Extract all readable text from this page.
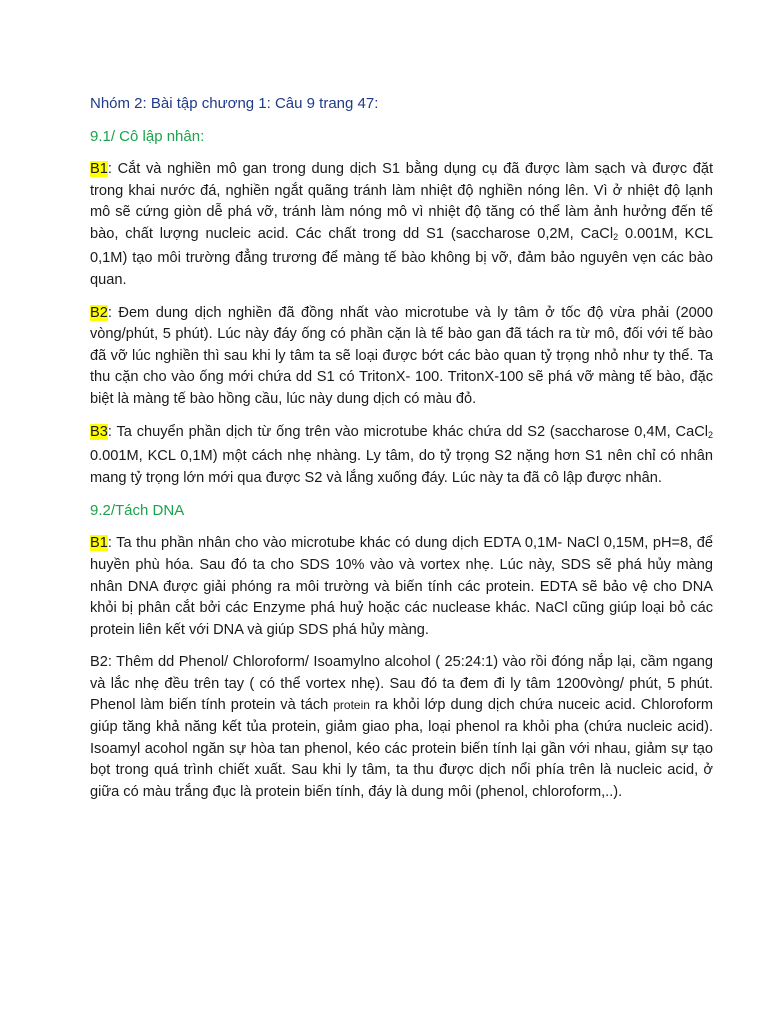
Nhóm 2: Bài tập chương 1: Câu 9 trang 47:
9.1/ Cô lập nhân:

B1: Cắt và nghiền mô gan trong dung dịch S1 bằng dụng cụ đã được làm sạch và được đặt trong khai nước đá, nghiền ngắt quãng tránh làm nhiệt độ nghiền nóng lên. Vì ở nhiệt độ lạnh mô sẽ cứng giòn dễ phá vỡ, tránh làm nóng mô vì nhiệt độ tăng có thể làm ảnh hưởng đến tế bào, chất lượng nucleic acid. Các chất trong dd S1 (saccharose 0,2M, CaCl$_2$ 0.001M, KCL 0,1M) tạo môi trường đẳng trương để màng tế bào không bị vỡ, đảm bảo nguyên vẹn các bào quan.

B2: Đem dung dịch nghiền đã đồng nhất vào microtube và ly tâm ở tốc độ vừa phải (2000 vòng/phút, 5 phút). Lúc này đáy ống có phần cặn là tế bào gan đã tách ra từ mô, đối với tế bào đã vỡ lúc nghiền thì sau khi ly tâm ta sẽ loại được bớt các bào quan tỷ trọng nhỏ như ty thể. Ta thu cặn cho vào ống mới chứa dd S1 có TritonX- 100. TritonX-100 sẽ phá vỡ màng tế bào, đặc biệt là màng tế bào hồng cầu, lúc này dung dịch có màu đỏ.

B3: Ta chuyển phần dịch từ ống trên vào microtube khác chứa dd S2 (saccharose 0,4M, CaCl$_2$ 0.001M, KCL 0,1M) một cách nhẹ nhàng. Ly tâm, do tỷ trọng S2 nặng hơn S1 nên chỉ có nhân mang tỷ trọng lớn mới qua được S2 và lắng xuống đáy. Lúc này ta đã cô lập được nhân.

9.2/Tách DNA

B1: Ta thu phần nhân cho vào microtube khác có dung dịch EDTA 0,1M- NaCl 0,15M, pH=8, để huyền phù hóa. Sau đó ta cho SDS 10% vào và vortex nhẹ. Lúc này, SDS sẽ phá hủy màng nhân DNA được giải phóng ra môi trường và biến tính các protein. EDTA sẽ bảo vệ cho DNA khỏi bị phân cắt bởi các Enzyme phá huỷ hoặc các nuclease khác. NaCl cũng giúp loại bỏ các protein liên kết với DNA và giúp SDS phá hủy màng.

B2: Thêm dd Phenol/ Chloroform/ Isoamylno alcohol ( 25:24:1) vào rồi đóng nắp lại, cầm ngang và lắc nhẹ đều trên tay ( có thể vortex nhẹ). Sau đó ta đem đi ly tâm 1200vòng/ phút, 5 phút. Phenol làm biến tính protein và tách protein ra khỏi lớp dung dịch chứa nuceic acid. Chloroform giúp tăng khả năng kết tủa protein, giảm giao pha, loại phenol ra khỏi pha (chứa nucleic acid). Isoamyl acohol ngăn sự hòa tan phenol, kéo các protein biến tính lại gần với nhau, giảm sự tạo bọt trong quá trình chiết xuất. Sau khi ly tâm, ta thu được dịch nổi phía trên là nucleic acid, ở giữa có màu trắng đục là protein biến tính, đáy là dung môi (phenol, chloroform,..).
